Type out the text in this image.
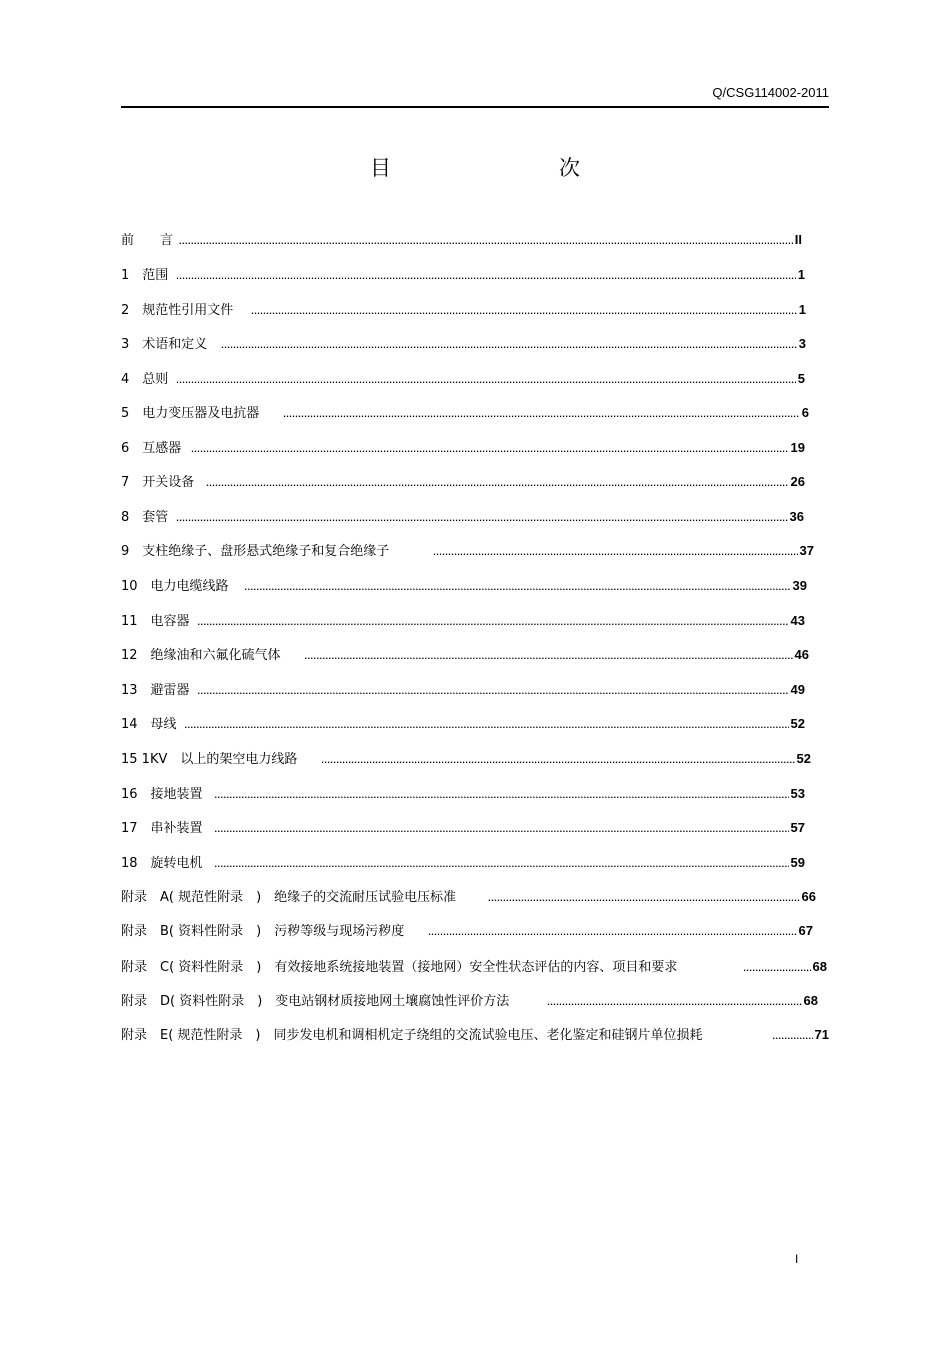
Q/CSG114002-2011
目　　次
前　　言 .....	II
1　范围 .....	1
2　规范性引用文件 .....	1
3　术语和定义 .....	3
4　总则 .....	5
5　电力变压器及电抗器 .....	6
6　互感器 .....	19
7　开关设备 .....	26
8　套管 .....	36
9　支柱绝缘子、盘形悬式绝缘子和复合绝缘子 .....	37
10　电力电缆线路 .....	39
11　电容器 .....	43
12　绝缘油和六氟化硫气体 .....	46
13　避雷器 .....	49
14　母线 .....	52
15 1KV　以上的架空电力线路 .....	52
16　接地装置 .....	53
17　串补装置 .....	57
18　旋转电机 .....	59
附录　A( 规范性附录　)　绝缘子的交流耐压试验电压标准 .....	66
附录　B( 资料性附录　)　污秽等级与现场污秽度 .....	67
附录　C( 资料性附录　)　有效接地系统接地装置（接地网）安全性状态评估的内容、项目和要求 .....	68
附录　D( 资料性附录　)　变电站钢材质接地网土壤腐蚀性评价方法 .....	68
附录　E( 规范性附录　)　同步发电机和调相机定子绕组的交流试验电压、老化鉴定和硅钢片单位损耗 .....	71
I
